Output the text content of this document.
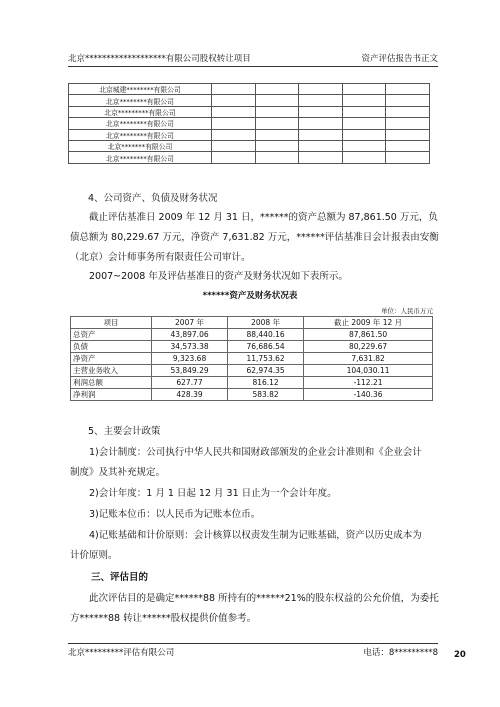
北京*******************有限公司股权转让项目	资产评估报告书正文
北京城建********有限公司					
北京********有限公司					
北京*********有限公司					
北京********有限公司					
北京********有限公司					
北京*******有限公司					
北京********有限公司					
4、公司资产、负债及财务状况
截止评估基准日 2009 年 12 月 31 日，******的资产总额为 87,861.50 万元，负
债总额为 80,229.67 万元，净资产 7,631.82 万元，******评估基准日会计报表由安衡
（北京）会计师事务所有限责任公司审计。
2007~2008 年及评估基准日的资产及财务状况如下表所示。
******资产及财务状况表
单位：人民币万元
项目	2007 年	2008 年	截止 2009 年 12 月
总资产	43,897.06	88,440.16	87,861.50
负债	34,573.38	76,686.54	80,229.67
净资产	9,323.68	11,753.62	7,631.82
主营业务收入	53,849.29	62,974.35	104,030.11
利润总额	627.77	816.12	-112.21
净利润	428.39	583.82	-140.36
5、主要会计政策
1)会计制度：公司执行中华人民共和国财政部颁发的企业会计准则和《企业会计
制度》及其补充规定。
2)会计年度：1 月 1 日起 12 月 31 日止为一个会计年度。
3)记账本位币：以人民币为记账本位币。
4)记账基础和计价原则：会计核算以权责发生制为记账基础，资产以历史成本为
计价原则。
三、评估目的
此次评估目的是确定******88 所持有的******21%的股东权益的公允价值，为委托
方******88 转让******股权提供价值参考。
北京*********评估有限公司	电话：8*********8 20
